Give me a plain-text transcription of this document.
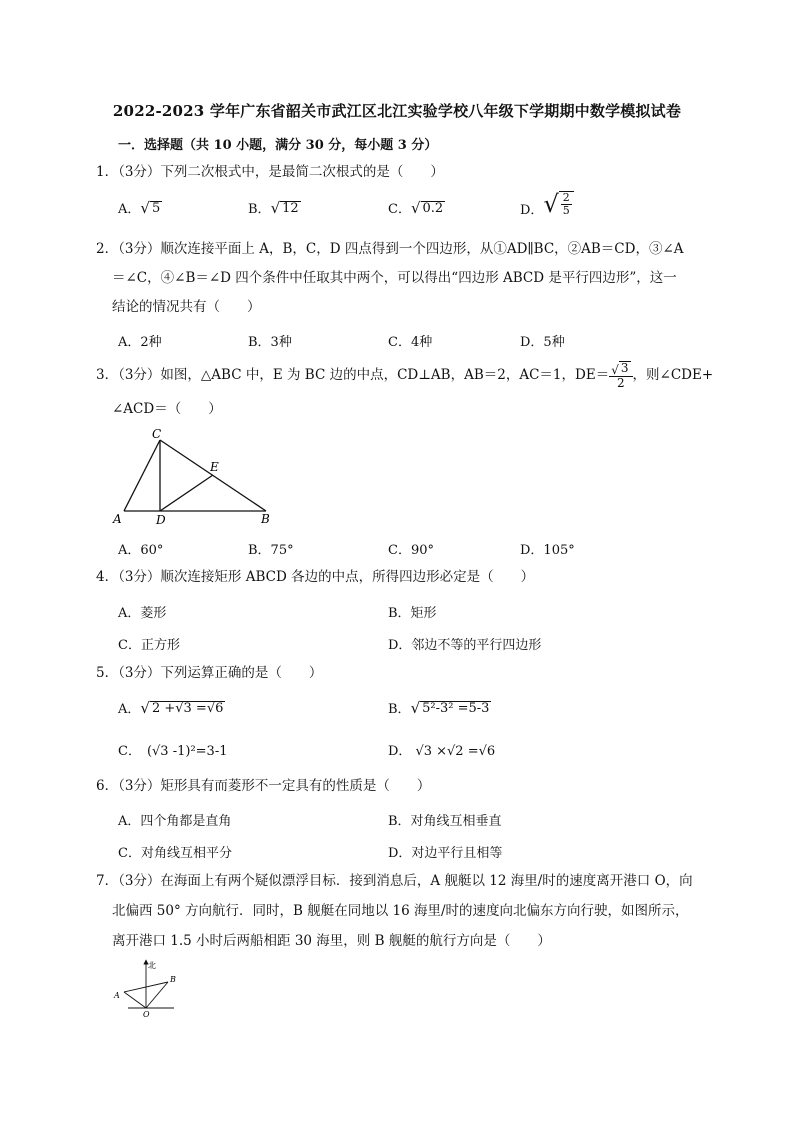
2022-2023 学年广东省韶关市武江区北江实验学校八年级下学期期中数学模拟试卷
一．选择题（共 10 小题，满分 30 分，每小题 3 分）
1．（3分）下列二次根式中，是最简二次根式的是（　　）
A． √ 5	B． √ 12	C． √ 0.2	D． √ $\frac{2}{5}$
2．（3分）顺次连接平面上 A，B，C，D 四点得到一个四边形，从①AD∥BC，②AB＝CD，③∠A
＝∠C，④∠B＝∠D 四个条件中任取其中两个，可以得出“四边形 ABCD 是平行四边形”，这一
结论的情况共有（　　）
A．2种	B．3种	C．4种	D．5种
3．（3分）如图，△ABC 中，E 为 BC 边的中点，CD⊥AB，AB＝2，AC＝1，$DE= \frac{√ 3}{2}$ ，则∠CDE+
∠ACD＝（　　）
A	B
C
D
E
A．60°	B．75°	C．90°	D．105°
4．（3分）顺次连接矩形 ABCD 各边的中点，所得四边形必定是（　　）
A．菱形	B．矩形
C．正方形	D．邻边不等的平行四边形
5．（3分）下列运算正确的是（　　）
A． √ 2 +√3 =√6	B． √ 5²-3² =5-3
C． (√3 -1)²=3-1	D． √3 ×√2 =√6
6．（3分）矩形具有而菱形不一定具有的性质是（　　）
A．四个角都是直角	B．对角线互相垂直
C．对角线互相平分	D．对边平行且相等
7．（3分）在海面上有两个疑似漂浮目标．接到消息后，A 舰艇以 12 海里/时的速度离开港口 O，向
北偏西 50° 方向航行．同时，B 舰艇在同地以 16 海里/时的速度向北偏东方向行驶，如图所示，
离开港口 1.5 小时后两船相距 30 海里，则 B 舰艇的航行方向是（　　）
北
A
B
O
